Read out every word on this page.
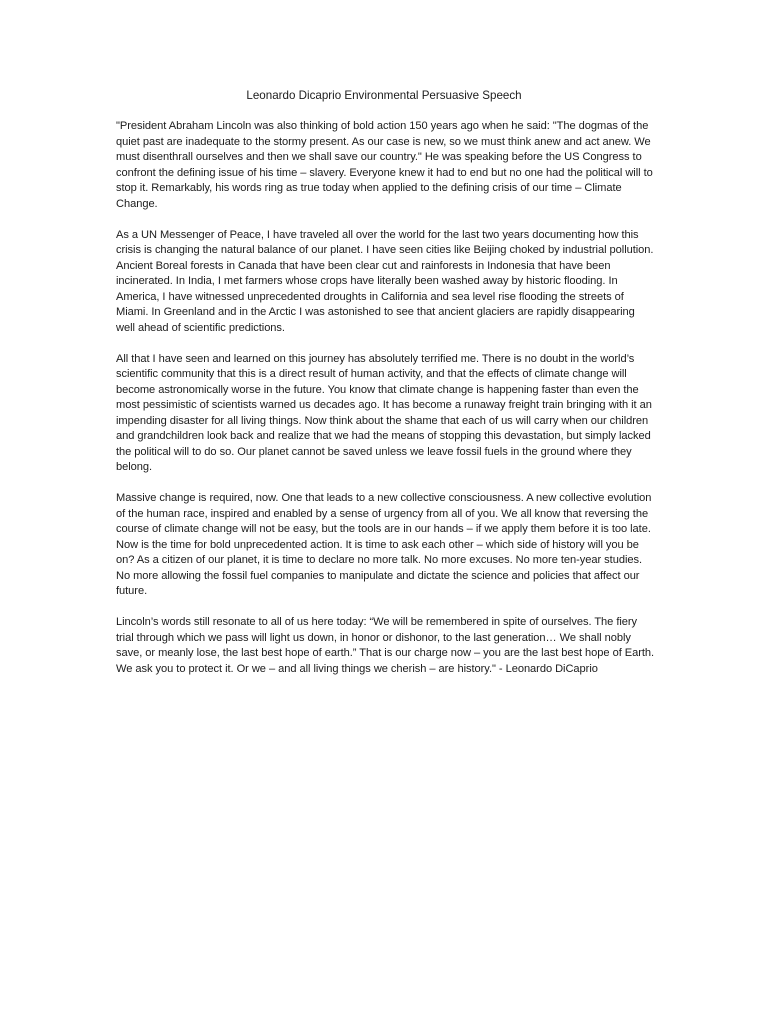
Leonardo Dicaprio Environmental Persuasive Speech

"President Abraham Lincoln was also thinking of bold action 150 years ago when he said: "The dogmas of the quiet past are inadequate to the stormy present. As our case is new, so we must think anew and act anew. We must disenthrall ourselves and then we shall save our country." He was speaking before the US Congress to confront the defining issue of his time – slavery. Everyone knew it had to end but no one had the political will to stop it. Remarkably, his words ring as true today when applied to the defining crisis of our time – Climate Change.

As a UN Messenger of Peace, I have traveled all over the world for the last two years documenting how this crisis is changing the natural balance of our planet. I have seen cities like Beijing choked by industrial pollution. Ancient Boreal forests in Canada that have been clear cut and rainforests in Indonesia that have been incinerated. In India, I met farmers whose crops have literally been washed away by historic flooding. In America, I have witnessed unprecedented droughts in California and sea level rise flooding the streets of Miami. In Greenland and in the Arctic I was astonished to see that ancient glaciers are rapidly disappearing well ahead of scientific predictions.

All that I have seen and learned on this journey has absolutely terrified me. There is no doubt in the world’s scientific community that this is a direct result of human activity, and that the effects of climate change will become astronomically worse in the future. You know that climate change is happening faster than even the most pessimistic of scientists warned us decades ago. It has become a runaway freight train bringing with it an impending disaster for all living things. Now think about the shame that each of us will carry when our children and grandchildren look back and realize that we had the means of stopping this devastation, but simply lacked the political will to do so. Our planet cannot be saved unless we leave fossil fuels in the ground where they belong.

Massive change is required, now. One that leads to a new collective consciousness. A new collective evolution of the human race, inspired and enabled by a sense of urgency from all of you. We all know that reversing the course of climate change will not be easy, but the tools are in our hands – if we apply them before it is too late. Now is the time for bold unprecedented action. It is time to ask each other – which side of history will you be on? As a citizen of our planet, it is time to declare no more talk. No more excuses. No more ten-year studies. No more allowing the fossil fuel companies to manipulate and dictate the science and policies that affect our future.

Lincoln’s words still resonate to all of us here today: “We will be remembered in spite of ourselves. The fiery trial through which we pass will light us down, in honor or dishonor, to the last generation… We shall nobly save, or meanly lose, the last best hope of earth.” That is our charge now – you are the last best hope of Earth. We ask you to protect it. Or we – and all living things we cherish – are history." - Leonardo DiCaprio
